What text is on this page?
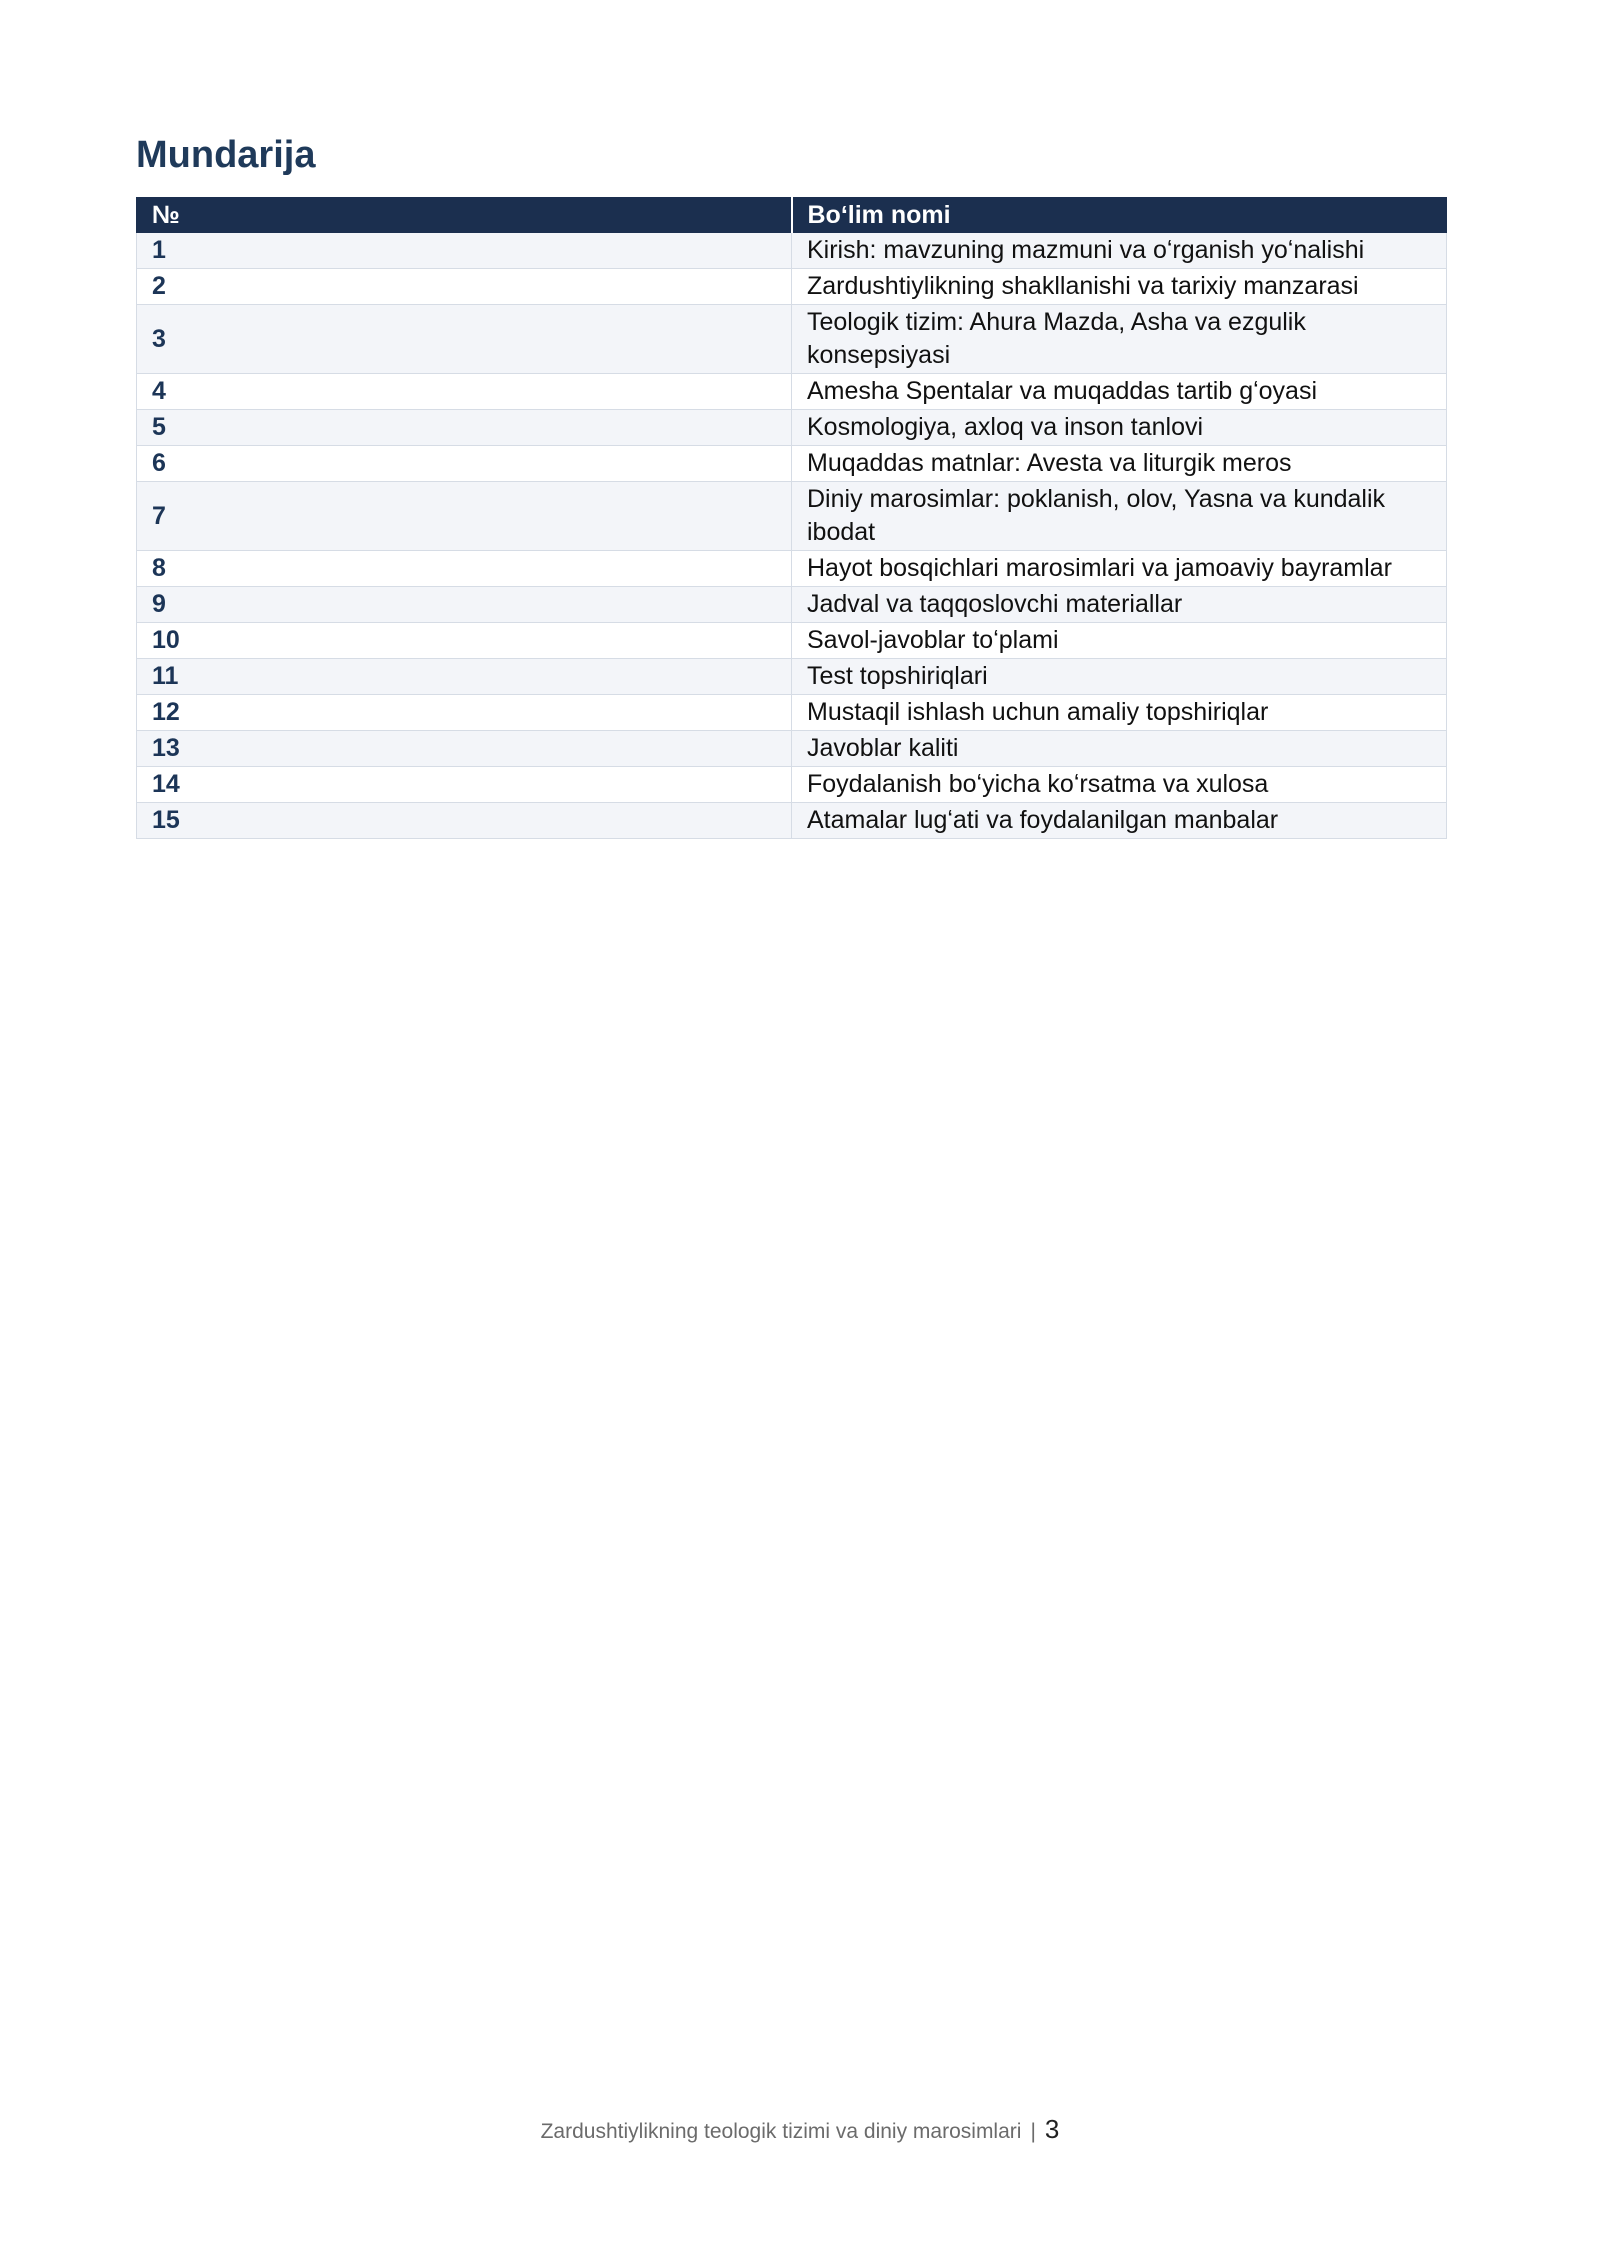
Mundarija
№	Boʻlim nomi
1	Kirish: mavzuning mazmuni va oʻrganish yoʻnalishi
2	Zardushtiylikning shakllanishi va tarixiy manzarasi
3	Teologik tizim: Ahura Mazda, Asha va ezgulik konsepsiyasi
4	Amesha Spentalar va muqaddas tartib gʻoyasi
5	Kosmologiya, axloq va inson tanlovi
6	Muqaddas matnlar: Avesta va liturgik meros
7	Diniy marosimlar: poklanish, olov, Yasna va kundalik ibodat
8	Hayot bosqichlari marosimlari va jamoaviy bayramlar
9	Jadval va taqqoslovchi materiallar
10	Savol-javoblar toʻplami
11	Test topshiriqlari
12	Mustaqil ishlash uchun amaliy topshiriqlar
13	Javoblar kaliti
14	Foydalanish boʻyicha koʻrsatma va xulosa
15	Atamalar lugʻati va foydalanilgan manbalar
Zardushtiylikning teologik tizimi va diniy marosimlari | 3
